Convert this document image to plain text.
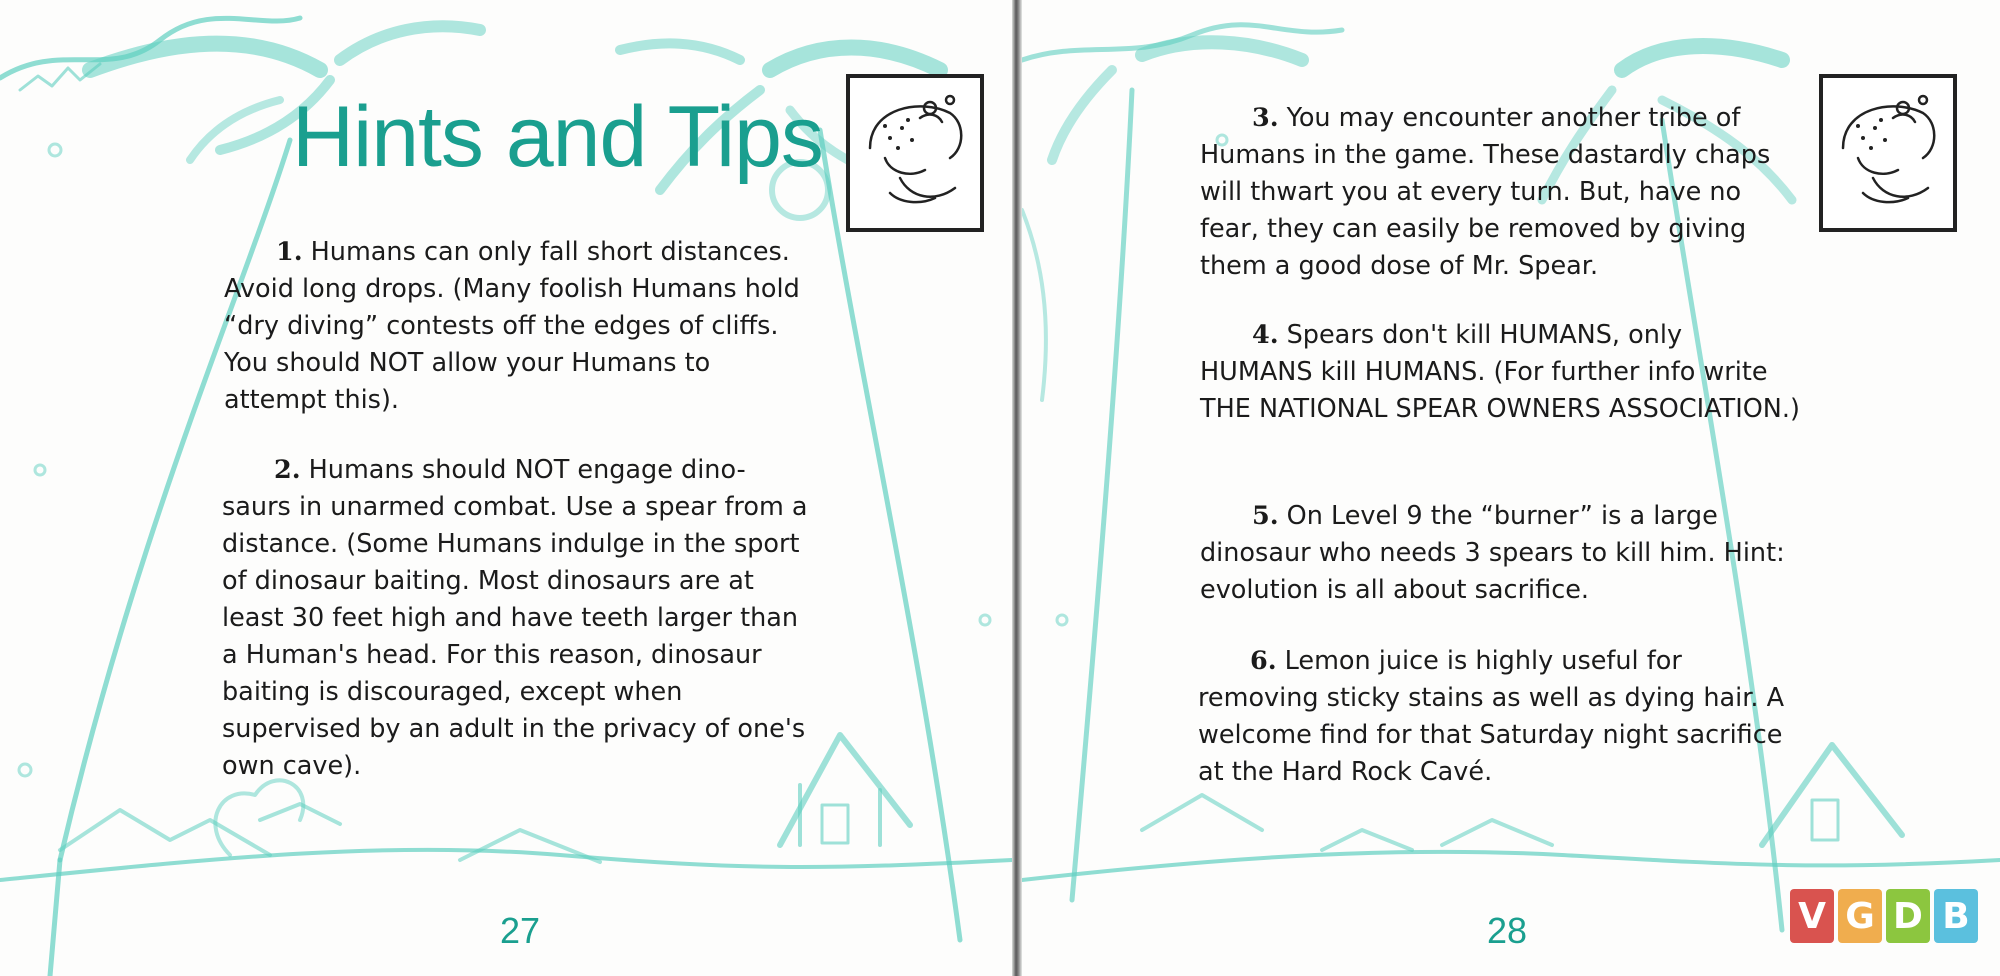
Hints and Tips

1. Humans can only fall short distances. Avoid long drops. (Many foolish Humans hold “dry diving” contests off the edges of cliffs. You should NOT allow your Humans to attempt this).

2. Humans should NOT engage dino-saurs in unarmed combat. Use a spear from a distance. (Some Humans indulge in the sport of dinosaur baiting. Most dinosaurs are at least 30 feet high and have teeth larger than a Human's head. For this reason, dinosaur baiting is discouraged, except when supervised by an adult in the privacy of one's own cave).

27

3. You may encounter another tribe of Humans in the game. These dastardly chaps will thwart you at every turn. But, have no fear, they can easily be removed by giving them a good dose of Mr. Spear.

4. Spears don't kill HUMANS, only HUMANS kill HUMANS. (For further info write THE NATIONAL SPEAR OWNERS ASSOCIATION.)

5. On Level 9 the “burner” is a large dinosaur who needs 3 spears to kill him. Hint: evolution is all about sacrifice.

6. Lemon juice is highly useful for removing sticky stains as well as dying hair. A welcome find for that Saturday night sacrifice at the Hard Rock Cavé.

28	V G D B
